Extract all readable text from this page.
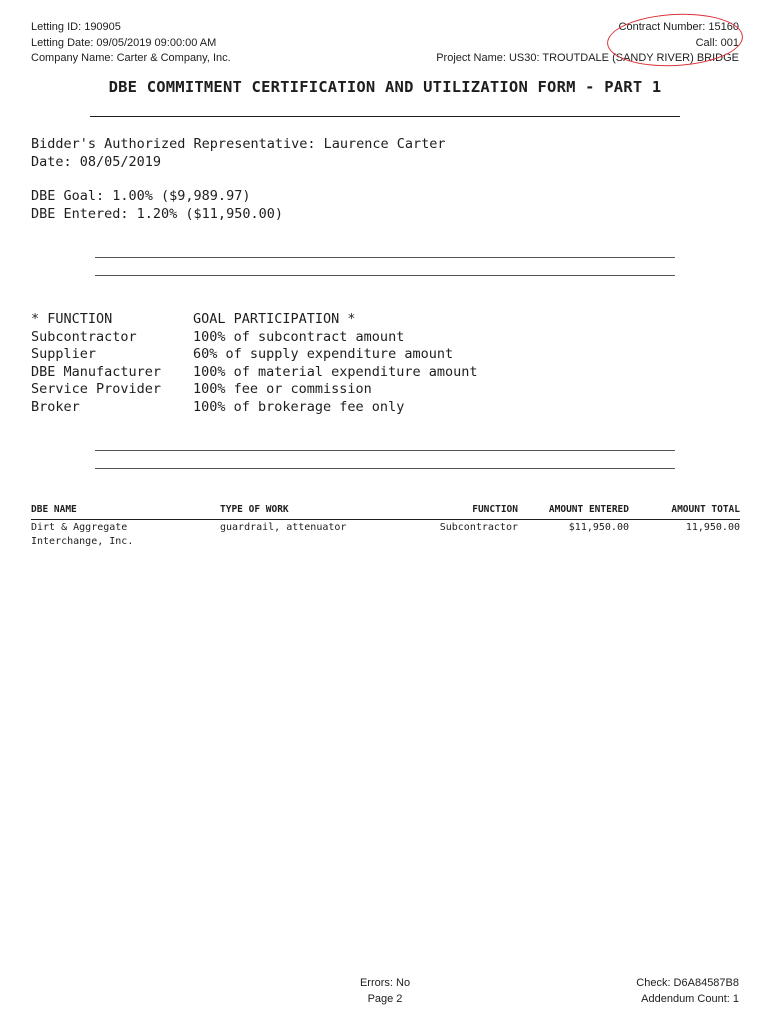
Letting ID: 190905
Letting Date: 09/05/2019 09:00:00 AM
Company Name: Carter & Company, Inc.
Contract Number: 15160
Call: 001
Project Name: US30: TROUTDALE (SANDY RIVER) BRIDGE
DBE COMMITMENT CERTIFICATION AND UTILIZATION FORM - PART 1
Bidder's Authorized Representative: Laurence Carter
Date: 08/05/2019
DBE Goal: 1.00% ($9,989.97)
DBE Entered: 1.20% ($11,950.00)
* FUNCTION	GOAL PARTICIPATION *
Subcontractor	100% of subcontract amount
Supplier	60% of supply expenditure amount
DBE Manufacturer	100% of material expenditure amount
Service Provider	100% fee or commission
Broker	100% of brokerage fee only
DBE NAME	TYPE OF WORK	FUNCTION	AMOUNT ENTERED	AMOUNT TOTAL
Dirt & Aggregate
Interchange, Inc.
guardrail, attenuator	Subcontractor	$11,950.00	11,950.00
Errors: No
Page 2
Check: D6A84587B8
Addendum Count: 1
